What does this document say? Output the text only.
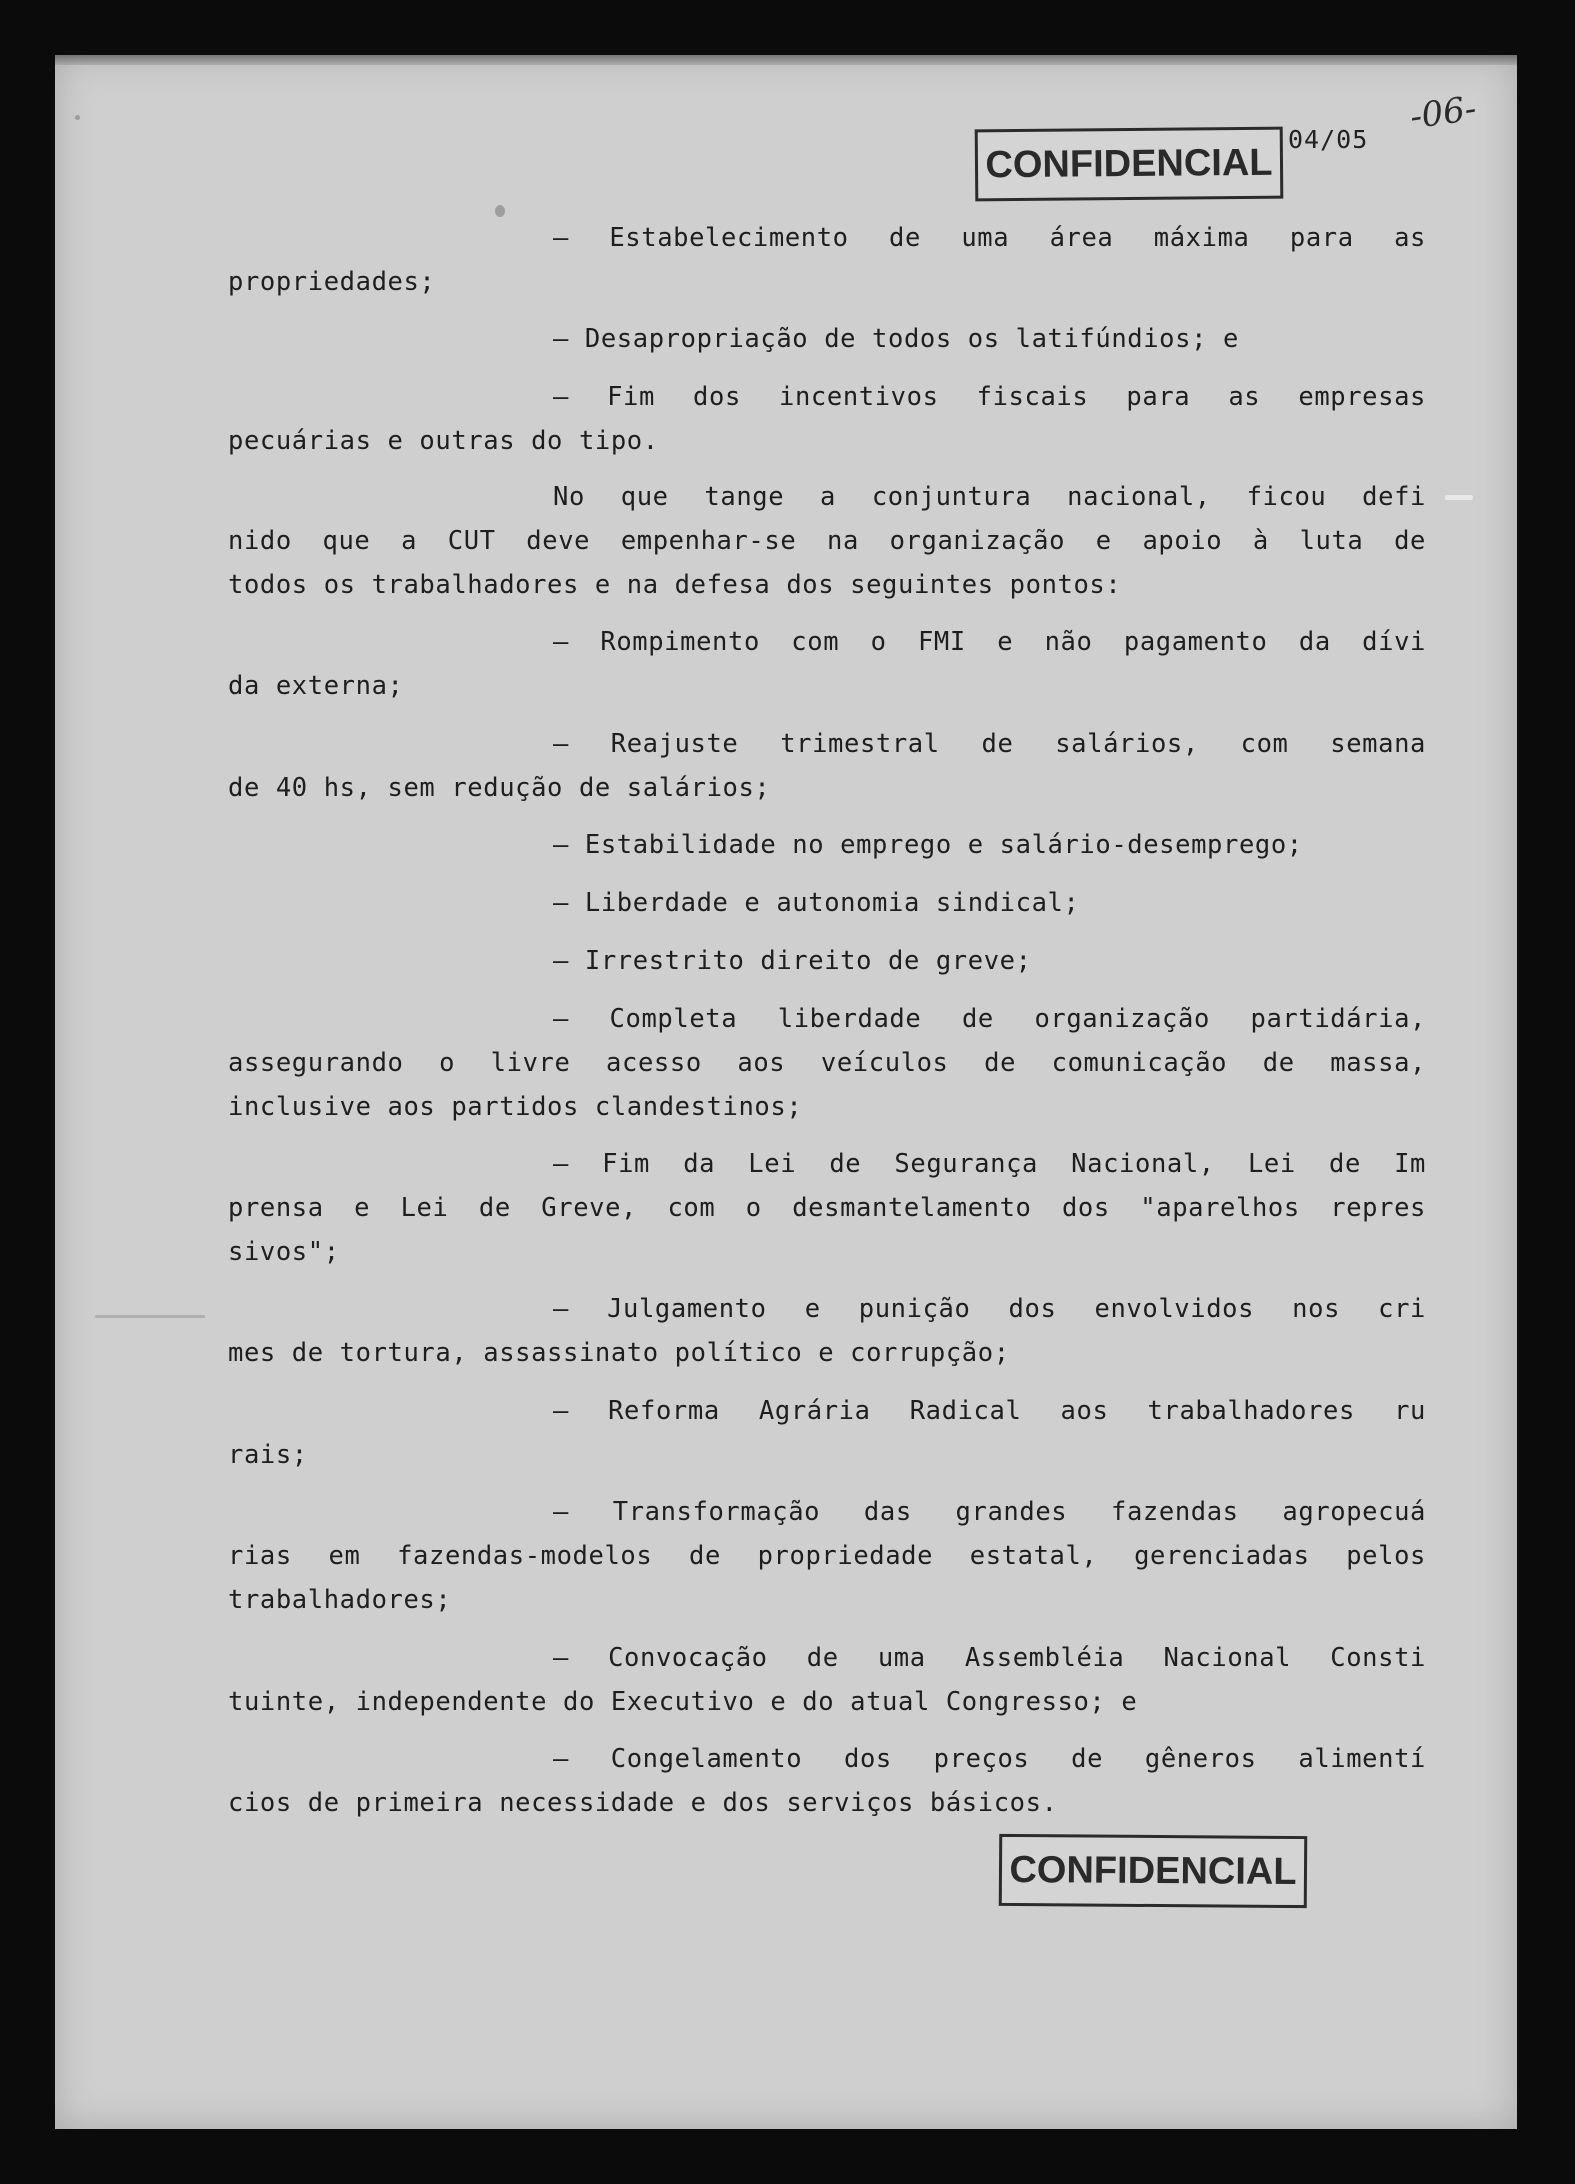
CONFIDENCIAL
04/05
-06-

— Estabelecimento de uma área máxima para as

propriedades;

— Desapropriação de todos os latifúndios; e

— Fim dos incentivos fiscais para as empresas

pecuárias e outras do tipo.

No que tange a conjuntura nacional, ficou defi

nido que a CUT deve empenhar-se na organização e apoio à luta de

todos os trabalhadores e na defesa dos seguintes pontos:

— Rompimento com o FMI e não pagamento da dívi

da externa;

— Reajuste trimestral de salários, com semana

de 40 hs, sem redução de salários;

— Estabilidade no emprego e salário-desemprego;

— Liberdade e autonomia sindical;

— Irrestrito direito de greve;

— Completa liberdade de organização partidária,

assegurando o livre acesso aos veículos de comunicação de massa,

inclusive aos partidos clandestinos;

— Fim da Lei de Segurança Nacional, Lei de Im

prensa e Lei de Greve, com o desmantelamento dos "aparelhos repres

sivos";

— Julgamento e punição dos envolvidos nos cri

mes de tortura, assassinato político e corrupção;

— Reforma Agrária Radical aos trabalhadores ru

rais;

— Transformação das grandes fazendas agropecuá

rias em fazendas-modelos de propriedade estatal, gerenciadas pelos

trabalhadores;

— Convocação de uma Assembléia Nacional Consti

tuinte, independente do Executivo e do atual Congresso; e

— Congelamento dos preços de gêneros alimentí

cios de primeira necessidade e dos serviços básicos.

CONFIDENCIAL
